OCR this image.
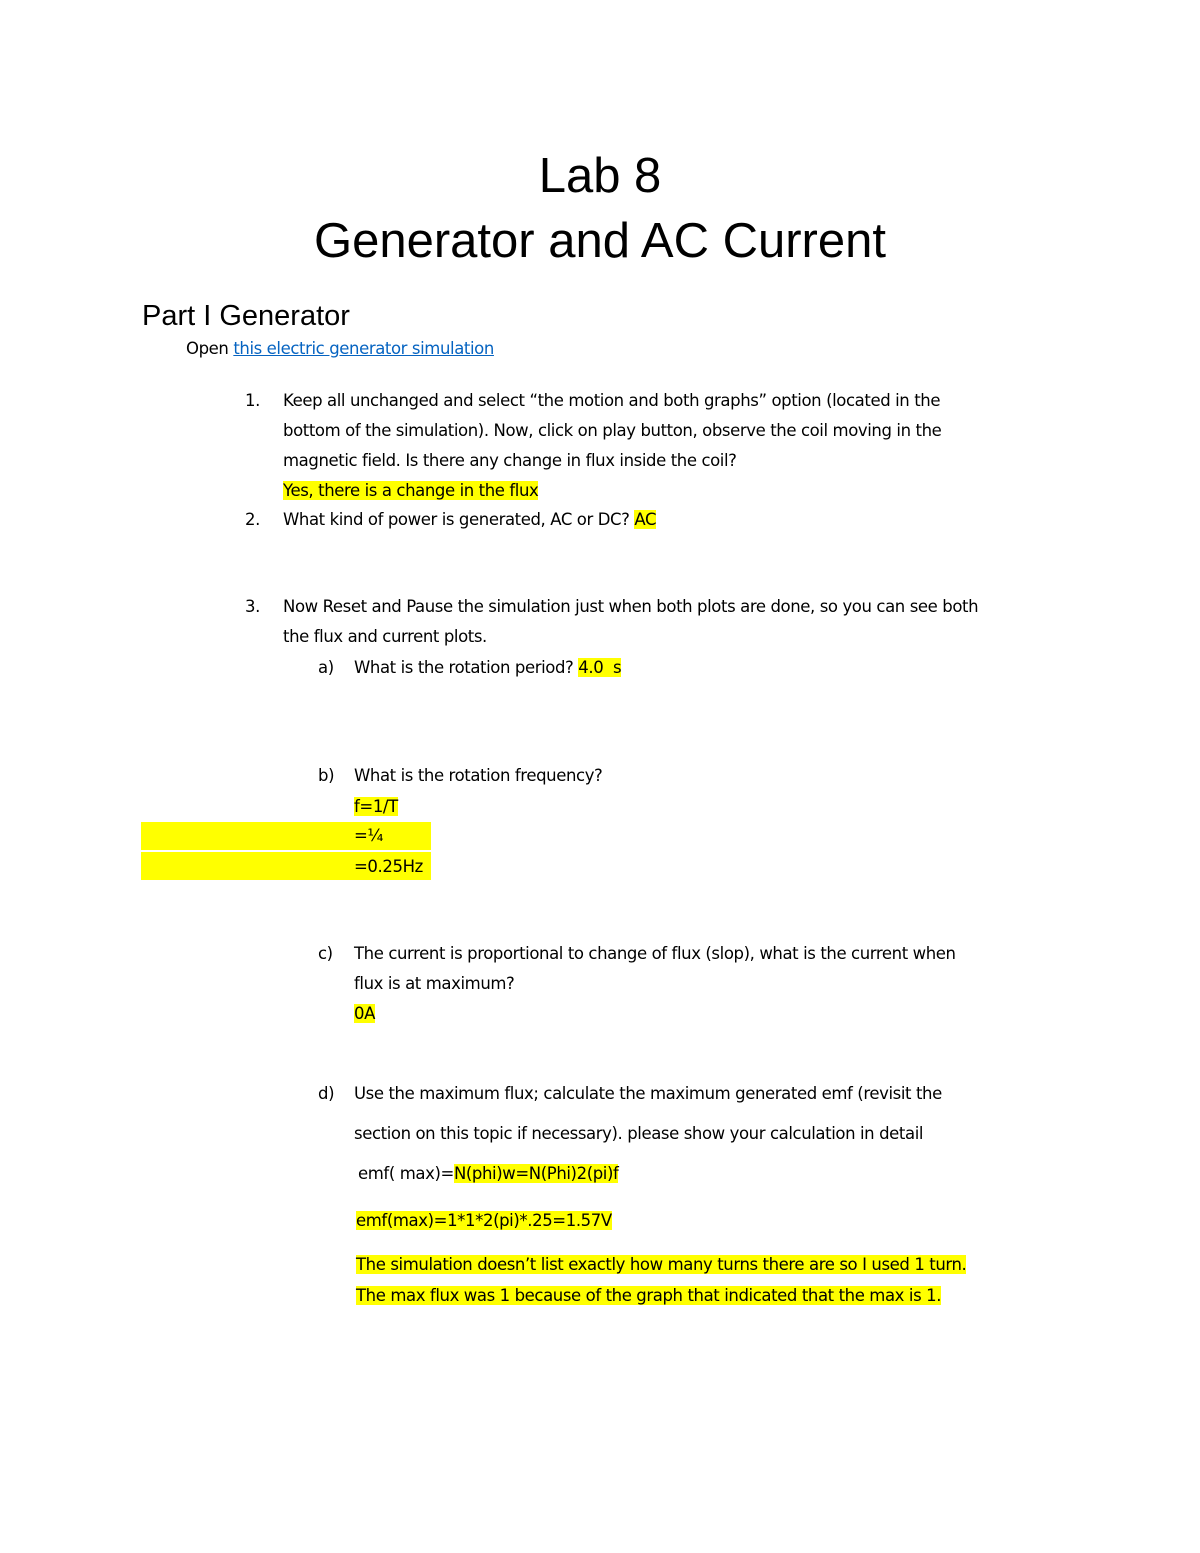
Lab 8
Generator and AC Current
Part I Generator
Open this electric generator simulation
1. Keep all unchanged and select “the motion and both graphs” option (located in the
bottom of the simulation). Now, click on play button, observe the coil moving in the
magnetic field. Is there any change in flux inside the coil?
Yes, there is a change in the flux
2. What kind of power is generated, AC or DC? AC
3. Now Reset and Pause the simulation just when both plots are done, so you can see both
the flux and current plots.
a) What is the rotation period? 4.0  s
b) What is the rotation frequency?
f=1/T
=¼
=0.25Hz
c) The current is proportional to change of flux (slop), what is the current when
flux is at maximum?
0A
d) Use the maximum flux; calculate the maximum generated emf (revisit the
section on this topic if necessary). please show your calculation in detail
emf( max)=N(phi)w=N(Phi)2(pi)f
emf(max)=1*1*2(pi)*.25=1.57V
The simulation doesn’t list exactly how many turns there are so I used 1 turn.
The max flux was 1 because of the graph that indicated that the max is 1.
